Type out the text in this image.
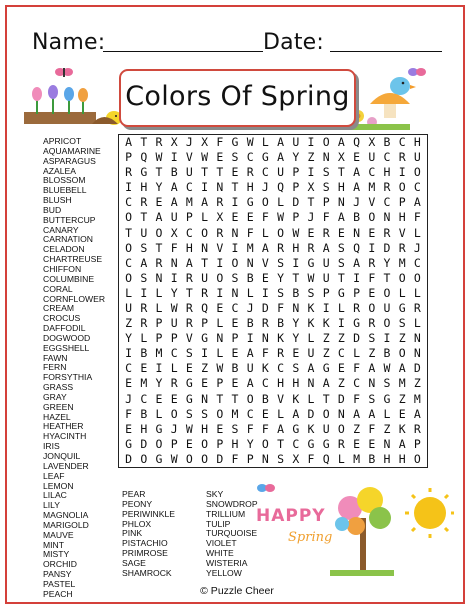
Name:	Date:
Colors Of Spring
APRICOT
AQUAMARINE
ASPARAGUS
AZALEA
BLOSSOM
BLUEBELL
BLUSH
BUD
BUTTERCUP
CANARY
CARNATION
CELADON
CHARTREUSE
CHIFFON
COLUMBINE
CORAL
CORNFLOWER
CREAM
CROCUS
DAFFODIL
DOGWOOD
EGGSHELL
FAWN
FERN
FORSYTHIA
GRASS
GRAY
GREEN
HAZEL
HEATHER
HYACINTH
IRIS
JONQUIL
LAVENDER
LEAF
LEMON
LILAC
LILY
MAGNOLIA
MARIGOLD
MAUVE
MINT
MISTY
ORCHID
PANSY
PASTEL
PEACH
PEAR
PEONY
PERIWINKLE
PHLOX
PINK
PISTACHIO
PRIMROSE
SAGE
SHAMROCK
SKY
SNOWDROP
TRILLIUM
TULIP
TURQUOISE
VIOLET
WHITE
WISTERIA
YELLOW
A T R X J X F G W L A U I O A Q X B C H
P Q W I V W E S C G A Y Z N X E U C R U
R G T B U T T E R C U P I S T A C H I O
I H Y A C I N T H J Q P X S H A M R O C
C R E A M A R I G O L D T P N J V C P A
O T A U P L X E E F W P J F A B O N H F
T U O X C O R N F L O W E R E N E R V L
O S T F H N V I M A R H R A S Q I D R J
C A R N A T I O N V S I G U S A R Y M C
O S N I R U O S B E Y T W U T I F T O O
L I L Y T R I N L I S B S P G P E O L L
U R L W R Q E C J D F N K I L R O U G R
Z R P U R P L E B R B Y K K I G R O S L
Y L P P V G N P I N K Y L Z Z D S I Z N
I B M C S I L E A F R E U Z C L Z B O N
C E I L E Z W B U K C S A G E F A W A D
E M Y R G E P E A C H H N A Z C N S M Z
J C E E G N T T O B V K L T D F S G Z M
F B L O S S O M C E L A D O N A A L E A
E H G J W H E S F F A G K U O Z F Z K R
G D O P E O P H Y O T C G G R E E N A P
D O G W O O D F P N S X F Q L M B H H O
HAPPY
Spring
© Puzzle Cheer
